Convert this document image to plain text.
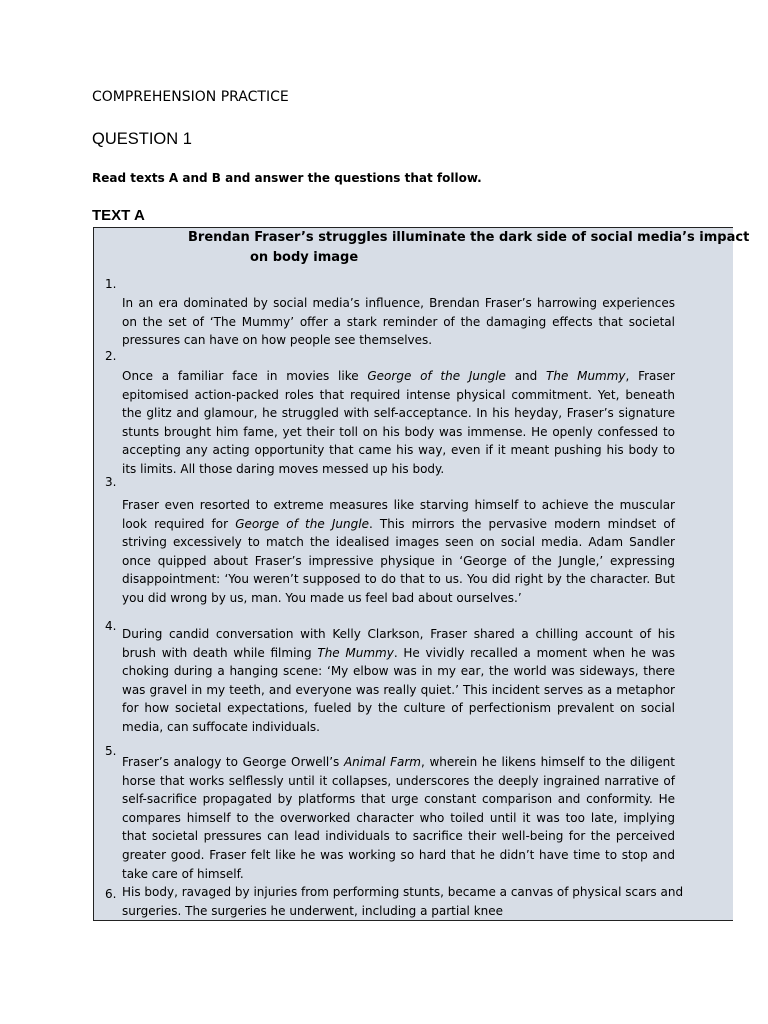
COMPREHENSION PRACTICE
QUESTION 1
Read texts A and B and answer the questions that follow.
TEXT A
Brendan Fraser’s struggles illuminate the dark side of social media’s impact
on body image
1.
In an era dominated by social media’s influence, Brendan Fraser’s harrowing experiences on the set of ‘The Mummy’ offer a stark reminder of the damaging effects that societal pressures can have on how people see themselves.
2.
Once a familiar face in movies like George of the Jungle and The Mummy, Fraser epitomised action-packed roles that required intense physical commitment. Yet, beneath the glitz and glamour, he struggled with self-acceptance. In his heyday, Fraser’s signature stunts brought him fame, yet their toll on his body was immense. He openly confessed to accepting any acting opportunity that came his way, even if it meant pushing his body to its limits. All those daring moves messed up his body.
3.
Fraser even resorted to extreme measures like starving himself to achieve the muscular look required for George of the Jungle. This mirrors the pervasive modern mindset of striving excessively to match the idealised images seen on social media. Adam Sandler once quipped about Fraser’s impressive physique in ‘George of the Jungle,’ expressing disappointment: ‘You weren’t supposed to do that to us. You did right by the character. But you did wrong by us, man. You made us feel bad about ourselves.’
4.
During candid conversation with Kelly Clarkson, Fraser shared a chilling account of his brush with death while filming The Mummy. He vividly recalled a moment when he was choking during a hanging scene: ‘My elbow was in my ear, the world was sideways, there was gravel in my teeth, and everyone was really quiet.’ This incident serves as a metaphor for how societal expectations, fueled by the culture of perfectionism prevalent on social media, can suffocate individuals.
5.
Fraser’s analogy to George Orwell’s Animal Farm, wherein he likens himself to the diligent horse that works selflessly until it collapses, underscores the deeply ingrained narrative of self-sacrifice propagated by platforms that urge constant comparison and conformity. He compares himself to the overworked character who toiled until it was too late, implying that societal pressures can lead individuals to sacrifice their well-being for the perceived greater good. Fraser felt like he was working so hard that he didn’t have time to stop and take care of himself.
6. His body, ravaged by injuries from performing stunts, became a canvas of physical scars and surgeries. The surgeries he underwent, including a partial knee
